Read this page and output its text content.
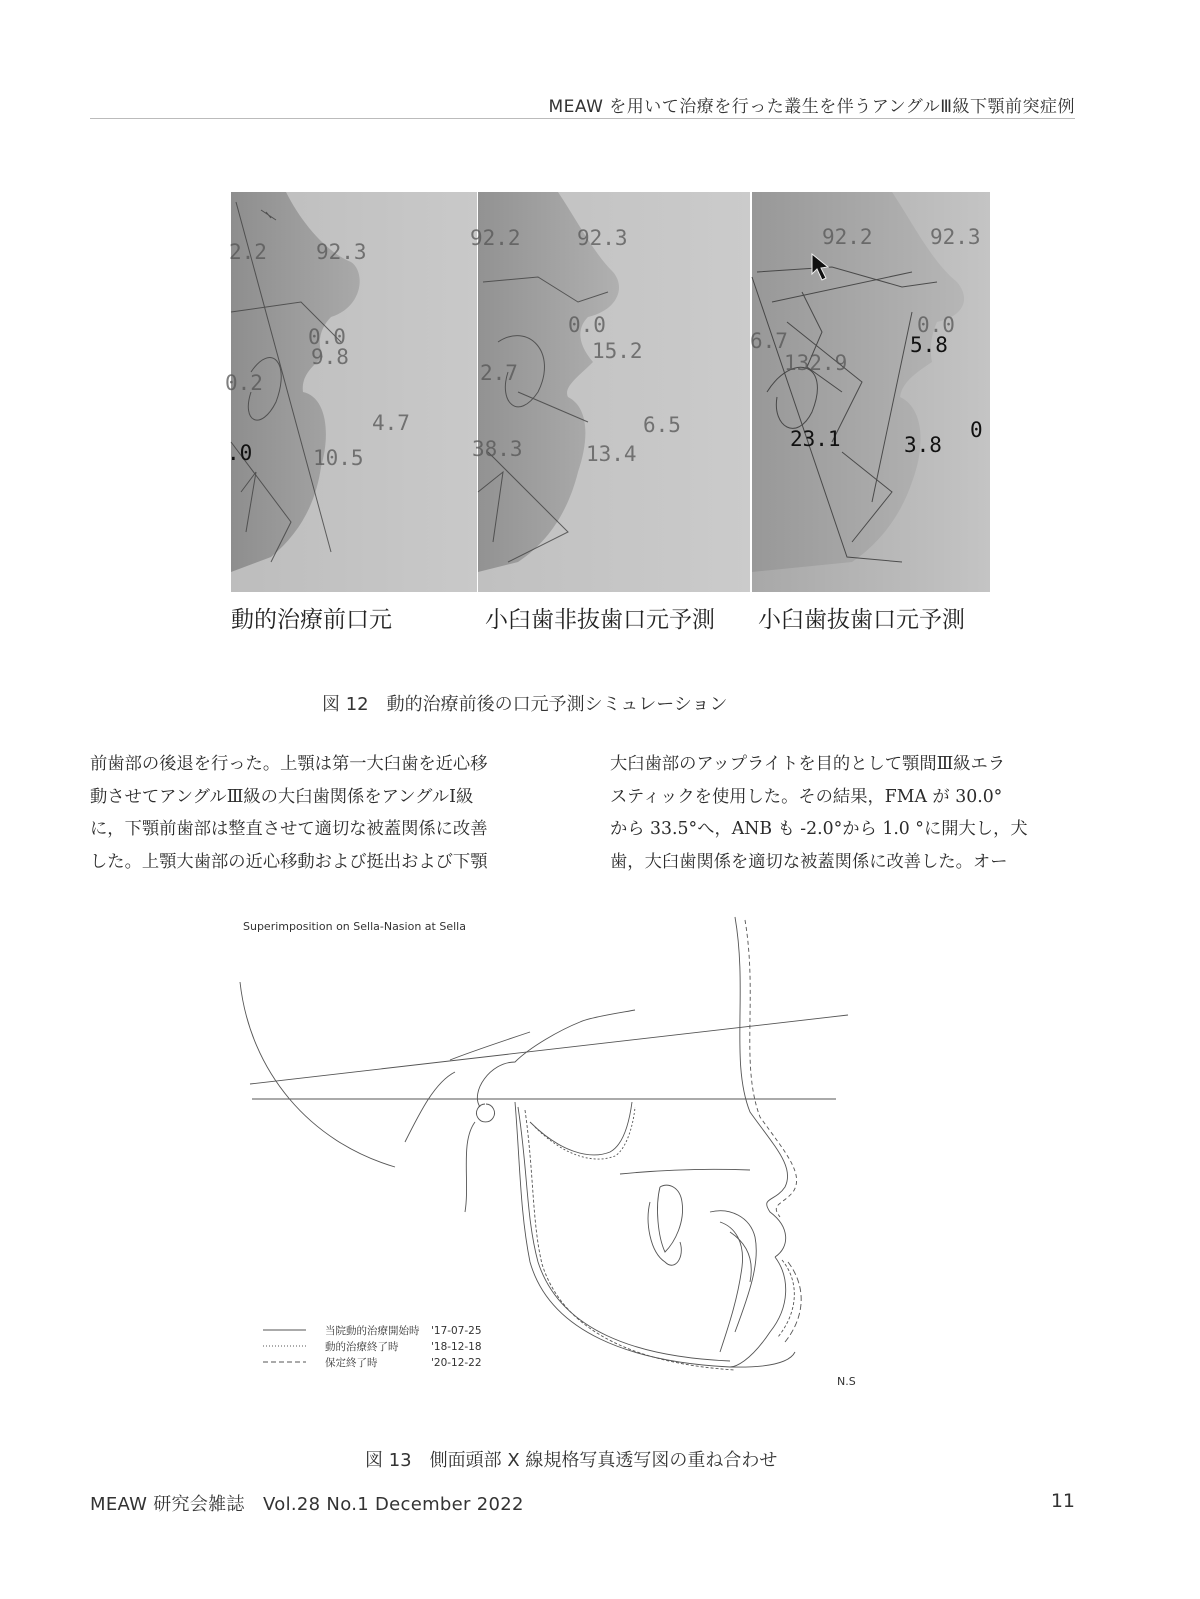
MEAW を用いて治療を行った叢生を伴うアングルⅢ級下顎前突症例
2.2 92.3
0.0
9.8
0.2
4.7
.0	10.5
92.2	92.3
0.0
15.2
2.7
6.5
38.3	13.4
92.2	92.3
0.0
5.8
6.7
132.9
23.1	3.8
0
動的治療前口元	小臼歯非抜歯口元予測 小臼歯抜歯口元予測
図 12　動的治療前後の口元予測シミュレーション

前歯部の後退を行った。上顎は第一大臼歯を近心移

動させてアングルⅢ級の大臼歯関係をアングルⅠ級

に，下顎前歯部は整直させて適切な被蓋関係に改善

した。上顎大歯部の近心移動および挺出および下顎

大臼歯部のアップライトを目的として顎間Ⅲ級エラ

スティックを使用した。その結果，FMA が 30.0°

から 33.5°へ，ANB も -2.0°から 1.0 °に開大し，犬

歯，大臼歯関係を適切な被蓋関係に改善した。オー

Superimposition on Sella-Nasion at Sella
当院動的治療開始時 '17-07-25
動的治療終了時	'18-12-18
保定終了時	'20-12-22
N.S
図 13　側面頭部 X 線規格写真透写図の重ね合わせ
MEAW 研究会雑誌　Vol.28 No.1 December 2022	11
